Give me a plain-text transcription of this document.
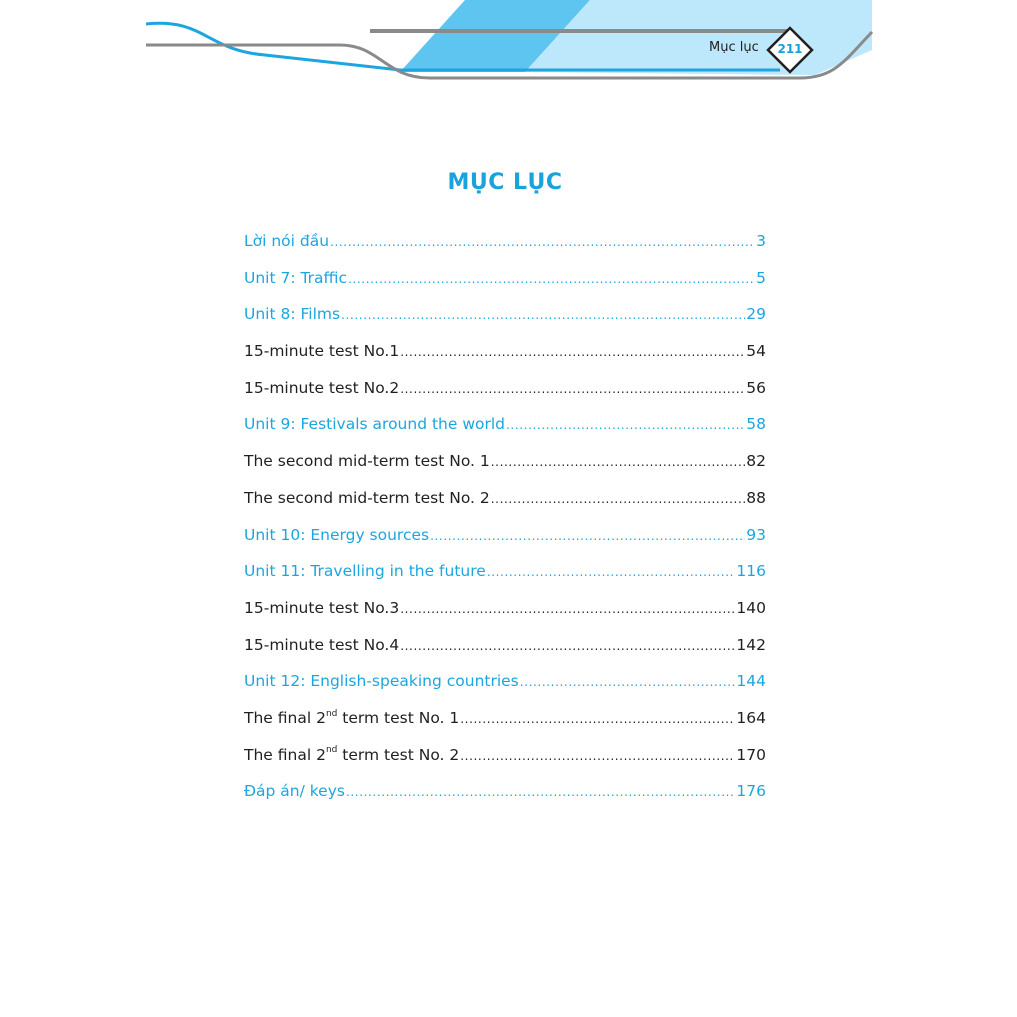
Mục lục	211
MỤC LỤC
Lời nói đầu .....	3
Unit 7: Traffic .....	5
Unit 8: Films .....	29
15-minute test No.1 .....	54
15-minute test No.2 .....	56
Unit 9: Festivals around the world .....	58
The second mid-term test No. 1 .....	82
The second mid-term test No. 2 .....	88
Unit 10: Energy sources .....	93
Unit 11: Travelling in the future .....	116
15-minute test No.3 .....	140
15-minute test No.4 .....	142
Unit 12: English-speaking countries .....	144
The final 2nd term test No. 1 .....	164
The final 2nd term test No. 2 .....	170
Đáp án/ keys .....	176
